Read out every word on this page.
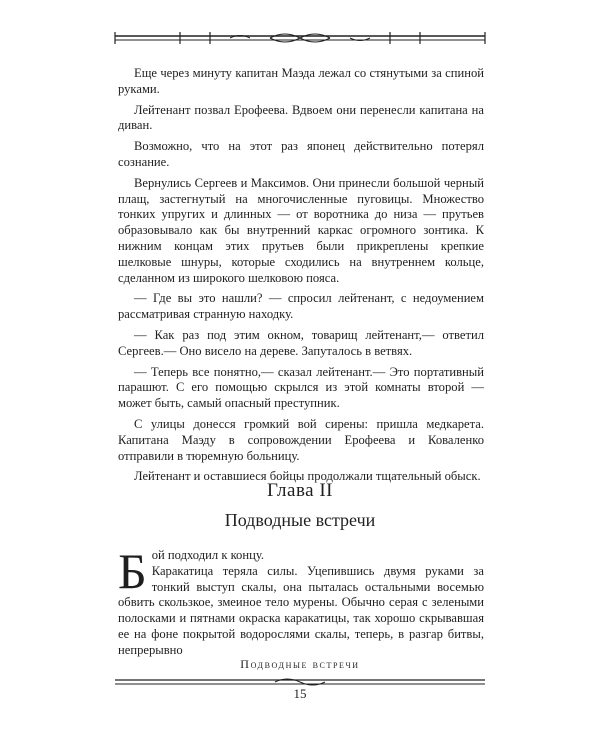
Еще через минуту капитан Маэда лежал со стянутыми за спиной руками.

Лейтенант позвал Ерофеева. Вдвоем они перенесли капитана на диван.

Возможно, что на этот раз японец действительно потерял сознание.

Вернулись Сергеев и Максимов. Они принесли большой черный плащ, застегнутый на многочисленные пуговицы. Множество тонких упругих и длинных — от воротника до низа — прутьев образовывало как бы внутренний каркас огромного зонтика. К нижним концам этих прутьев были прикреплены крепкие шелковые шнуры, которые сходились на внутреннем кольце, сделанном из широкого шелковою пояса.

— Где вы это нашли? — спросил лейтенант, с недоумением рассматривая странную находку.

— Как раз под этим окном, товарищ лейтенант,— ответил Сергеев.— Оно висело на дереве. Запуталось в ветвях.

— Теперь все понятно,— сказал лейтенант.— Это портативный парашют. С его помощью скрылся из этой комнаты второй — может быть, самый опасный преступник.

С улицы донесся громкий вой сирены: пришла медкарета. Капитана Маэду в сопровождении Ерофеева и Коваленко отправили в тюремную больницу.

Лейтенант и оставшиеся бойцы продолжали тщательный обыск.

Глава II
Подводные встречи
Б ой подходил к концу.

Каракатица теряла силы. Уцепившись двумя руками за тонкий выступ скалы, она пыталась остальными восемью обвить скользкое, змеиное тело мурены. Обычно серая с зелеными полосками и пятнами окраска каракатицы, так хорошо скрывавшая ее на фоне покрытой водорослями скалы, теперь, в разгар битвы, непрерывно

Подводные встречи
15
